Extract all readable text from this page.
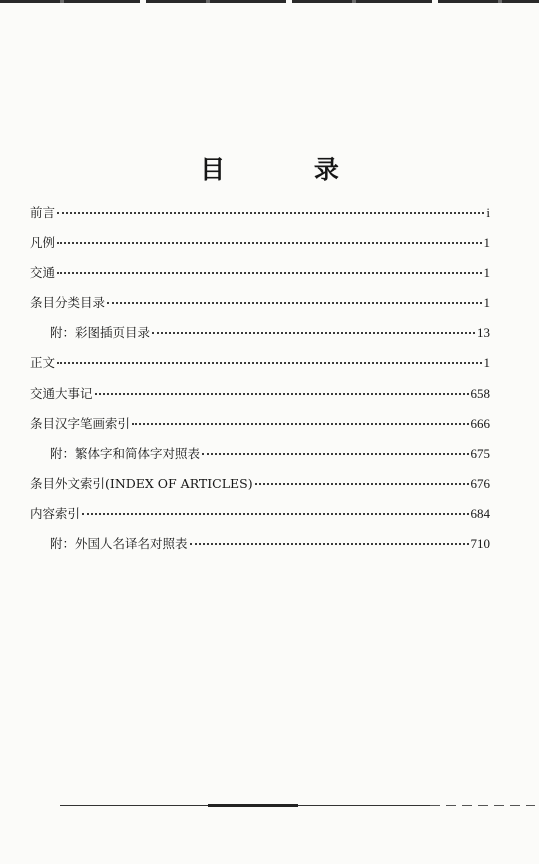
目 录
前言	i
凡例	1
交通	1
条目分类目录	1
附：彩图插页目录	13
正文	1
交通大事记	658
条目汉字笔画索引	666
附：繁体字和简体字对照表	675
条目外文索引(INDEX OF ARTICLES)	676
内容索引	684
附：外国人名译名对照表	710
